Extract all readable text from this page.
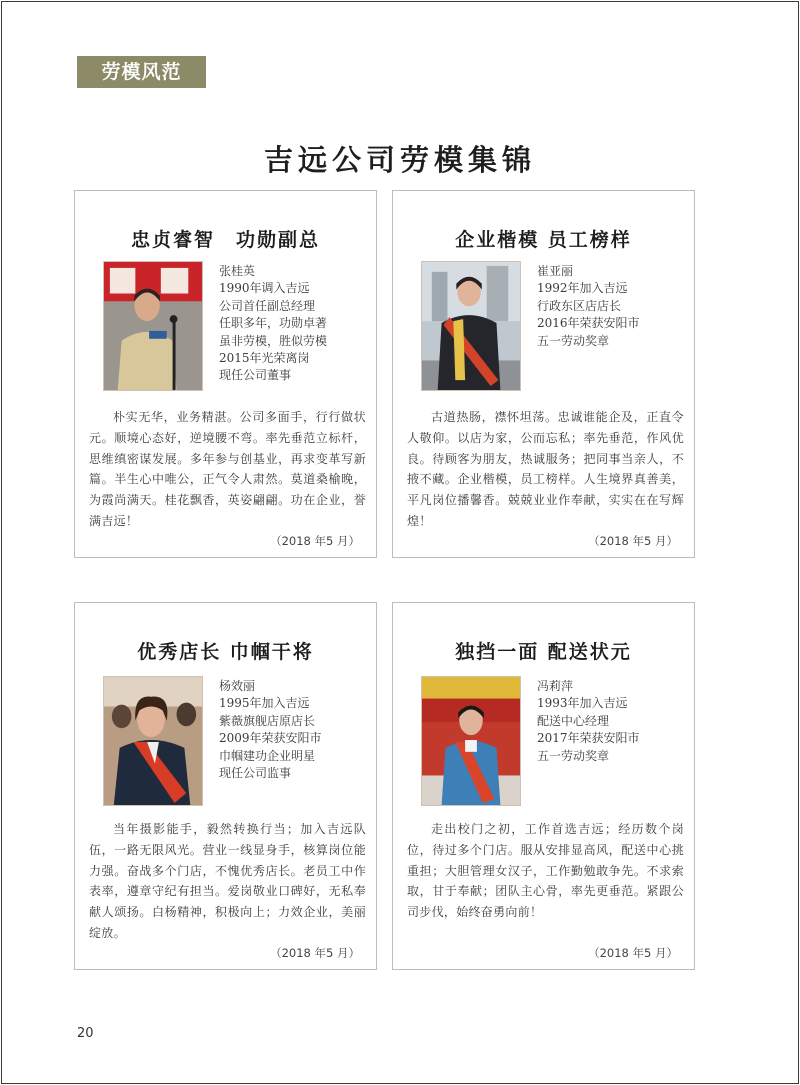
劳模风范
吉远公司劳模集锦
忠贞睿智　功勋副总
张桂英
1990年调入吉远
公司首任副总经理
任职多年，功勋卓著
虽非劳模，胜似劳模
2015年光荣离岗
现任公司董事
朴实无华，业务精湛。公司多面手，行行做状元。顺境心态好，逆境腰不弯。率先垂范立标杆，思维缜密谋发展。多年参与创基业，再求变革写新篇。半生心中唯公，正气令人肃然。莫道桑榆晚，为霞尚满天。桂花飘香，英姿翩翩。功在企业，誉满吉远！
（2018 年5 月）
企业楷模 员工榜样
崔亚丽
1992年加入吉远
行政东区店店长
2016年荣获安阳市
五一劳动奖章
古道热肠，襟怀坦荡。忠诚谁能企及，正直令人敬仰。以店为家，公而忘私；率先垂范，作风优良。待顾客为朋友，热诚服务；把同事当亲人，不掖不藏。企业楷模，员工榜样。人生境界真善美，平凡岗位播馨香。兢兢业业作奉献，实实在在写辉煌！
（2018 年5 月）
优秀店长 巾帼干将
杨效丽
1995年加入吉远
紫薇旗舰店原店长
2009年荣获安阳市
巾帼建功企业明星
现任公司监事
当年摄影能手，毅然转换行当；加入吉远队伍，一路无限风光。营业一线显身手，核算岗位能力强。奋战多个门店，不愧优秀店长。老员工中作表率，遵章守纪有担当。爱岗敬业口碑好，无私奉献人颂扬。白杨精神，积极向上；力效企业，美丽绽放。
（2018 年5 月）
独挡一面 配送状元
冯莉萍
1993年加入吉远
配送中心经理
2017年荣获安阳市
五一劳动奖章
走出校门之初，工作首选吉远；经历数个岗位，待过多个门店。服从安排显高风，配送中心挑重担；大胆管理女汉子，工作勤勉敢争先。不求索取，甘于奉献；团队主心骨，率先更垂范。紧跟公司步伐，始终奋勇向前！
（2018 年5 月）
20
